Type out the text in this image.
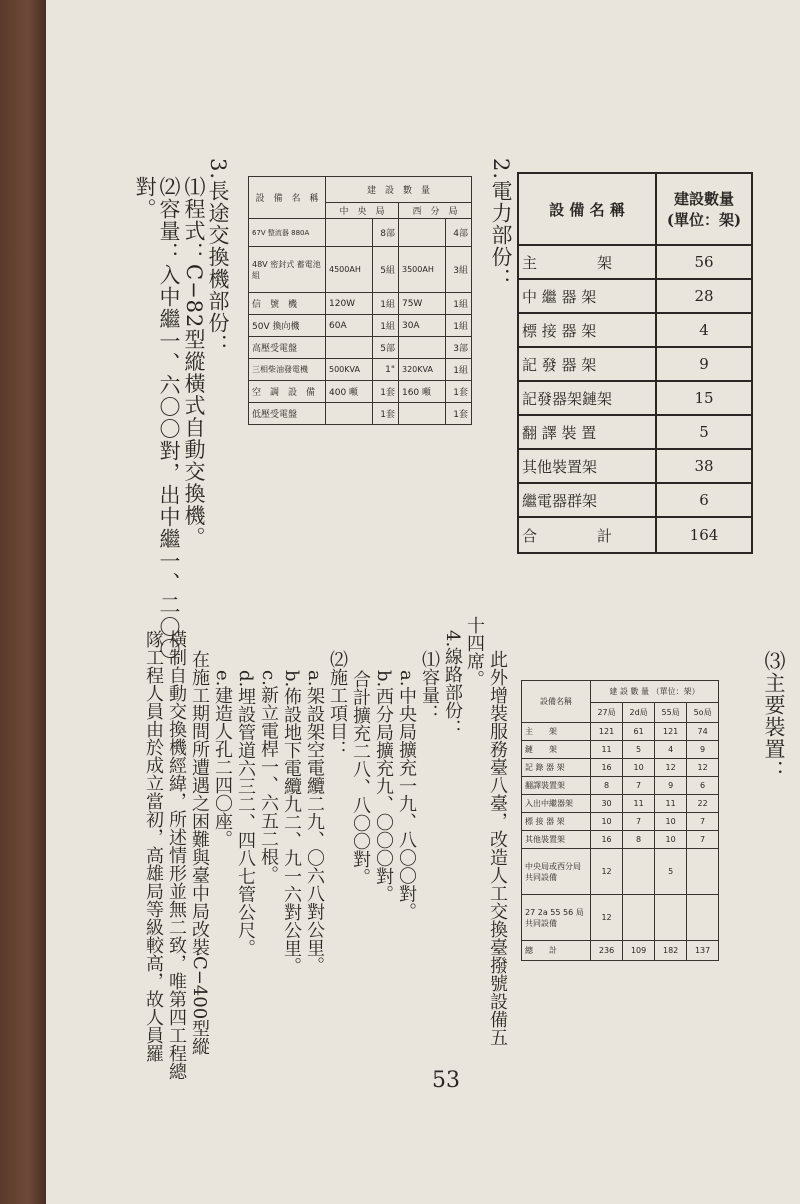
3.長途交換機部份：
⑴程式：C−82型縱橫式自動交換機。
⑵容量：入中繼一、六〇〇對，出中繼一、二〇〇
對。	設　備　名　稱	建　設　數　量			
	中　央　局		西　分　局	
67V 整流器 880A		8部		4部
48V 密封式 蓄電池組	4500AH	5組	3500AH	3組
信　號　機	120W	1組	75W	1組
50V 換向機	60A	1組	30A	1組
高壓受電盤		5部		3部
三相柴油發電機	500KVA	1"	320KVA	1組
空　調　設　備	400 噸	1套	160 噸	1套
低壓受電盤		1套		1套
2.電力部份： 設 備 名 稱	建設數量
(單位：架)

主　　　　架	56
中 繼 器 架	28
標 接 器 架	4
記 發 器 架	9
記發器架鏈架	15
翻 譯 裝 置	5
其他裝置架	38
繼電器群架	6
合　　　　計	164
⑶主要裝置：
設備名稱	建 設 數 量 （單位：架）			
	27局	2d局	55局	5o局
主　　架	121	61	121	74
鏈　　架	11	5	4	9
記 錄 器 架	16	10	12	12
翻譯裝置架	8	7	9	6
入出中繼器架	30	11	11	22
標 接 器 架	10	7	10	7
其他裝置架	16	8	10	7
中央局或西分局共同設備	12		5	
27 2a 55 56 局共同設備	12			
總　　計	236	109	182	137
此外增裝服務臺八臺，改造人工交換臺撥號設備五
十四席。
4.線路部份：
⑴容量：
a.中央局擴充一九、八〇〇對。
b.西分局擴充九、〇〇〇對。
合計擴充二八、八〇〇對。
⑵施工項目：
a.架設架空電纜二九、〇六八對公里。
b.佈設地下電纜九二、九一六對公里。
c.新立電桿一、六五二根。
d.埋設管道六三二、四八七管公尺。
e.建造人孔二四〇座。
在施工期間所遭遇之困難與臺中局改裝C−400型縱
橫制自動交換機經緯，所述情形並無二致，唯第四工程總
隊工程人員由於成立當初，高雄局等級較高，故人員羅
53
